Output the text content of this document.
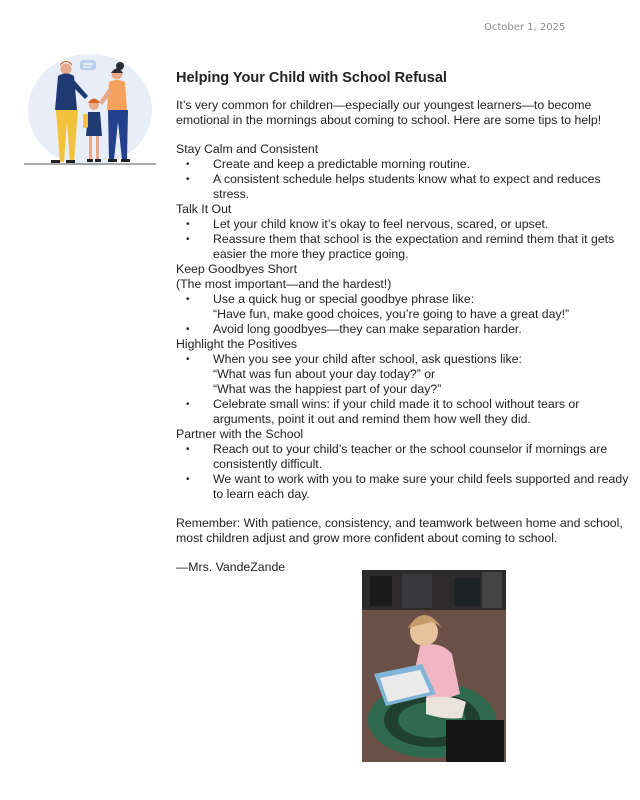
October 1, 2025
Helping Your Child with School Refusal
It’s very common for children—especially our youngest learners—to become emotional in the mornings about coming to school. Here are some tips to help!
Stay Calm and Consistent
• Create and keep a predictable morning routine.
• A consistent schedule helps students know what to expect and reduces stress.
Talk It Out
• Let your child know it’s okay to feel nervous, scared, or upset.
• Reassure them that school is the expectation and remind them that it gets easier the more they practice going.
Keep Goodbyes Short
(The most important—and the hardest!)
• Use a quick hug or special goodbye phrase like:
“Have fun, make good choices, you’re going to have a great day!”
• Avoid long goodbyes—they can make separation harder.
Highlight the Positives
• When you see your child after school, ask questions like:
“What was fun about your day today?” or
“What was the happiest part of your day?”
• Celebrate small wins: if your child made it to school without tears or arguments, point it out and remind them how well they did.
Partner with the School
• Reach out to your child’s teacher or the school counselor if mornings are consistently difficult.
• We want to work with you to make sure your child feels supported and ready to learn each day.
Remember: With patience, consistency, and teamwork between home and school, most children adjust and grow more confident about coming to school.
—Mrs. VandeZande
